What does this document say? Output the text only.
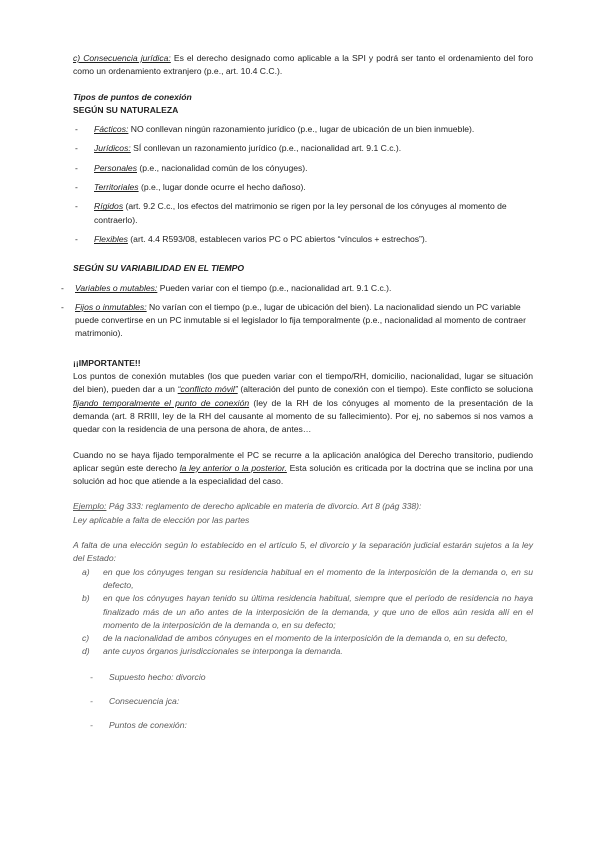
c) Consecuencia jurídica: Es el derecho designado como aplicable a la SPI y podrá ser tanto el ordenamiento del foro como un ordenamiento extranjero (p.e., art. 10.4 C.C.).

Tipos de puntos de conexión

SEGÚN SU NATURALEZA

- Fácticos: NO conllevan ningún razonamiento jurídico (p.e., lugar de ubicación de un bien inmueble).
- Jurídicos: SÍ conllevan un razonamiento jurídico (p.e., nacionalidad art. 9.1 C.c.).
- Personales (p.e., nacionalidad común de los cónyuges).
- Territoriales (p.e., lugar donde ocurre el hecho dañoso).
- Rígidos (art. 9.2 C.c., los efectos del matrimonio se rigen por la ley personal de los cónyuges al momento de contraerlo).
- Flexibles (art. 4.4 R593/08, establecen varios PC o PC abiertos “vínculos + estrechos”).

SEGÚN SU VARIABILIDAD EN EL TIEMPO

- Variables o mutables: Pueden variar con el tiempo (p.e., nacionalidad art. 9.1 C.c.).
- Fijos o inmutables: No varían con el tiempo (p.e., lugar de ubicación del bien). La nacionalidad siendo un PC variable puede convertirse en un PC inmutable si el legislador lo fija temporalmente (p.e., nacionalidad al momento de contraer matrimonio).

¡¡IMPORTANTE!!

Los puntos de conexión mutables (los que pueden variar con el tiempo/RH, domicilio, nacionalidad, lugar se situación del bien), pueden dar a un “conflicto móvil” (alteración del punto de conexión con el tiempo). Este conflicto se soluciona fijando temporalmente el punto de conexión (ley de la RH de los cónyuges al momento de la presentación de la demanda (art. 8 RRIII, ley de la RH del causante al momento de su fallecimiento). Por ej, no sabemos si nos vamos a quedar con la residencia de una persona de ahora, de antes…

Cuando no se haya fijado temporalmente el PC se recurre a la aplicación analógica del Derecho transitorio, pudiendo aplicar según este derecho la ley anterior o la posterior. Esta solución es criticada por la doctrina que se inclina por una solución ad hoc que atiende a la especialidad del caso.

Ejemplo: Pág 333: reglamento de derecho aplicable en materia de divorcio. Art 8 (pág 338):

Ley aplicable a falta de elección por las partes

A falta de una elección según lo establecido en el artículo 5, el divorcio y la separación judicial estarán sujetos a la ley del Estado:

a) en que los cónyuges tengan su residencia habitual en el momento de la interposición de la demanda o, en su defecto,
b) en que los cónyuges hayan tenido su última residencia habitual, siempre que el período de residencia no haya finalizado más de un año antes de la interposición de la demanda, y que uno de ellos aún resida allí en el momento de la interposición de la demanda o, en su defecto;
c) de la nacionalidad de ambos cónyuges en el momento de la interposición de la demanda o, en su defecto,
d) ante cuyos órganos jurisdiccionales se interponga la demanda.
- Supuesto hecho: divorcio
- Consecuencia jca:
- Puntos de conexión:
